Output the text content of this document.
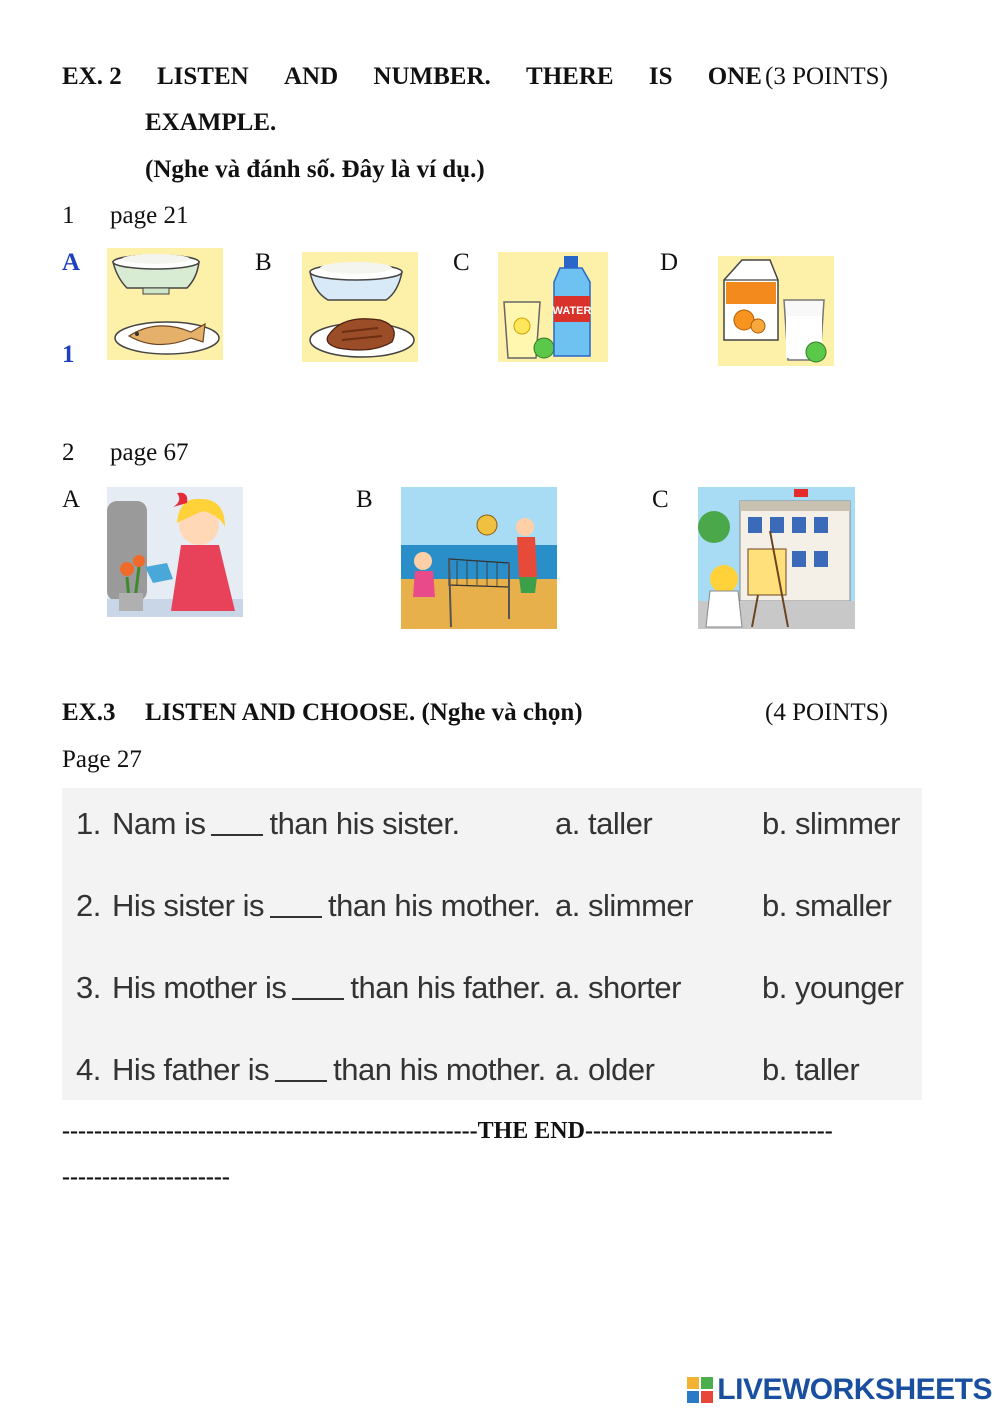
EX. 2 LISTEN AND NUMBER. THERE IS ONE (3 POINTS)
EXAMPLE.
(Nghe và đánh số. Đây là ví dụ.)
1 page 21
A
1
B	C	D
WATER
2 page 67
A	B	C
EX.3 LISTEN AND CHOOSE. (Nghe và chọn)	(4 POINTS)
Page 27
1. Nam is than his sister.	a. taller	b. slimmer
2. His sister is than his mother. a. slimmer b. smaller
3. His mother is than his father. a. shorter	b. younger
4. His father is than his mother. a. older	b. taller
----------------------------------------------------THE END-------------------------------
---------------------
LIVEWORKSHEETS
